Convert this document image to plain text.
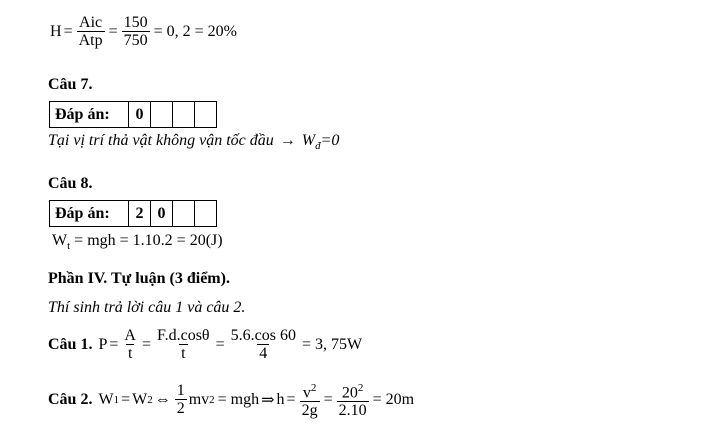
$H = \frac{\text{Aic}}{\text{Atp}} = \frac{150}{750} = 0$, 2 = 20%
Câu 7.
Đáp án:	0			
Tại vị trí thả vật không vận tốc đầu → $W_đ=0$
Câu 8.
Đáp án:	2	0		
$W_t$ = mgh = 1.10.2 = 20(J)
Phần IV. Tự luận (3 điểm).
Thí sinh trả lời câu 1 và câu 2.
Câu 1. $P = \frac{A}{t} = \frac{F.d.\cos\theta}{t} = \frac{5.6.\cos 60}{4} = 3$, 75W
Câu 2. W 1 = W 2 ⇔ $\frac{1}{2}$ mv 2 = mgh ⇒ $h = \frac{v^2}{2g} = \frac{20^2}{2.10} = 20m$
